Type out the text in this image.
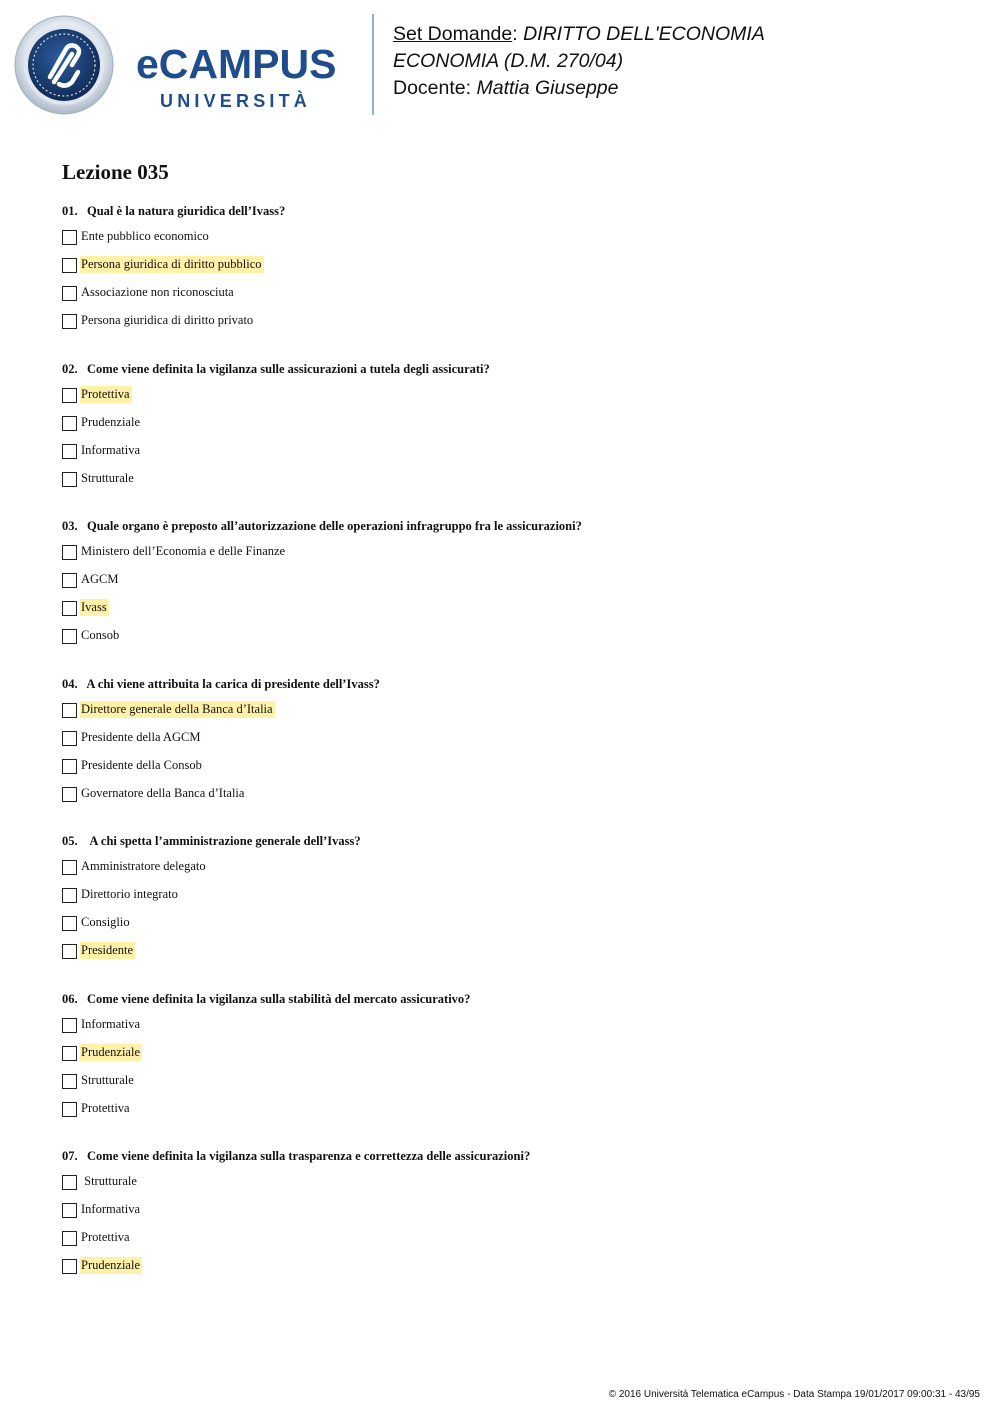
eCAMPUS
UNIVERSITÀ
Set Domande: DIRITTO DELL'ECONOMIA
ECONOMIA (D.M. 270/04)
Docente: Mattia Giuseppe
Lezione 035
01. Qual è la natura giuridica dell’Ivass?
Ente pubblico economico
Persona giuridica di diritto pubblico
Associazione non riconosciuta
Persona giuridica di diritto privato
02. Come viene definita la vigilanza sulle assicurazioni a tutela degli assicurati?
Protettiva
Prudenziale
Informativa
Strutturale
03. Quale organo è preposto all’autorizzazione delle operazioni infragruppo fra le assicurazioni?
Ministero dell’Economia e delle Finanze
AGCM
Ivass
Consob
04. A chi viene attribuita la carica di presidente dell’Ivass?
Direttore generale della Banca d’Italia
Presidente della AGCM
Presidente della Consob
Governatore della Banca d’Italia
05.    A chi spetta l’amministrazione generale dell’Ivass?
Amministratore delegato
Direttorio integrato
Consiglio
Presidente
06. Come viene definita la vigilanza sulla stabilità del mercato assicurativo?
Informativa
Prudenziale
Strutturale
Protettiva
07. Come viene definita la vigilanza sulla trasparenza e correttezza delle assicurazioni?
Strutturale
Informativa
Protettiva
Prudenziale
© 2016 Università Telematica eCampus - Data Stampa 19/01/2017 09:00:31 - 43/95
